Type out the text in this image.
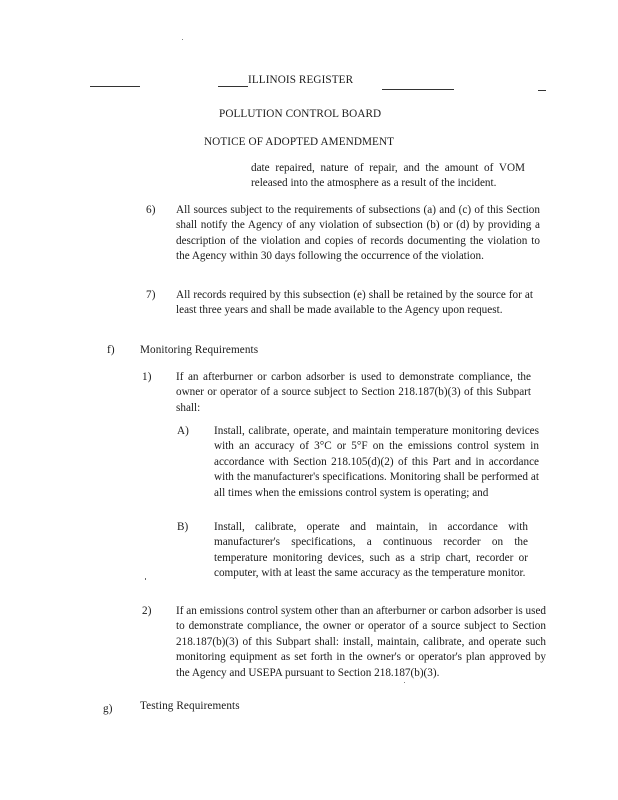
ILLINOIS REGISTER
POLLUTION CONTROL BOARD
NOTICE OF ADOPTED AMENDMENT
date repaired, nature of repair, and the amount of VOM released into the atmosphere as a result of the incident.
6) All sources subject to the requirements of subsections (a) and (c) of this Section shall notify the Agency of any violation of subsection (b) or (d) by providing a description of the violation and copies of records documenting the violation to the Agency within 30 days following the occurrence of the violation.
7) All records required by this subsection (e) shall be retained by the source for at least three years and shall be made available to the Agency upon request.
f) Monitoring Requirements
1) If an afterburner or carbon adsorber is used to demonstrate compliance, the owner or operator of a source subject to Section 218.187(b)(3) of this Subpart shall:
A) Install, calibrate, operate, and maintain temperature monitoring devices with an accuracy of 3°C or 5°F on the emissions control system in accordance with Section 218.105(d)(2) of this Part and in accordance with the manufacturer's specifications. Monitoring shall be performed at all times when the emissions control system is operating; and
B) Install, calibrate, operate and maintain, in accordance with manufacturer's specifications, a continuous recorder on the temperature monitoring devices, such as a strip chart, recorder or computer, with at least the same accuracy as the temperature monitor.
2) If an emissions control system other than an afterburner or carbon adsorber is used to demonstrate compliance, the owner or operator of a source subject to Section 218.187(b)(3) of this Subpart shall: install, maintain, calibrate, and operate such monitoring equipment as set forth in the owner's or operator's plan approved by the Agency and USEPA pursuant to Section 218.187(b)(3).
g) Testing Requirements
